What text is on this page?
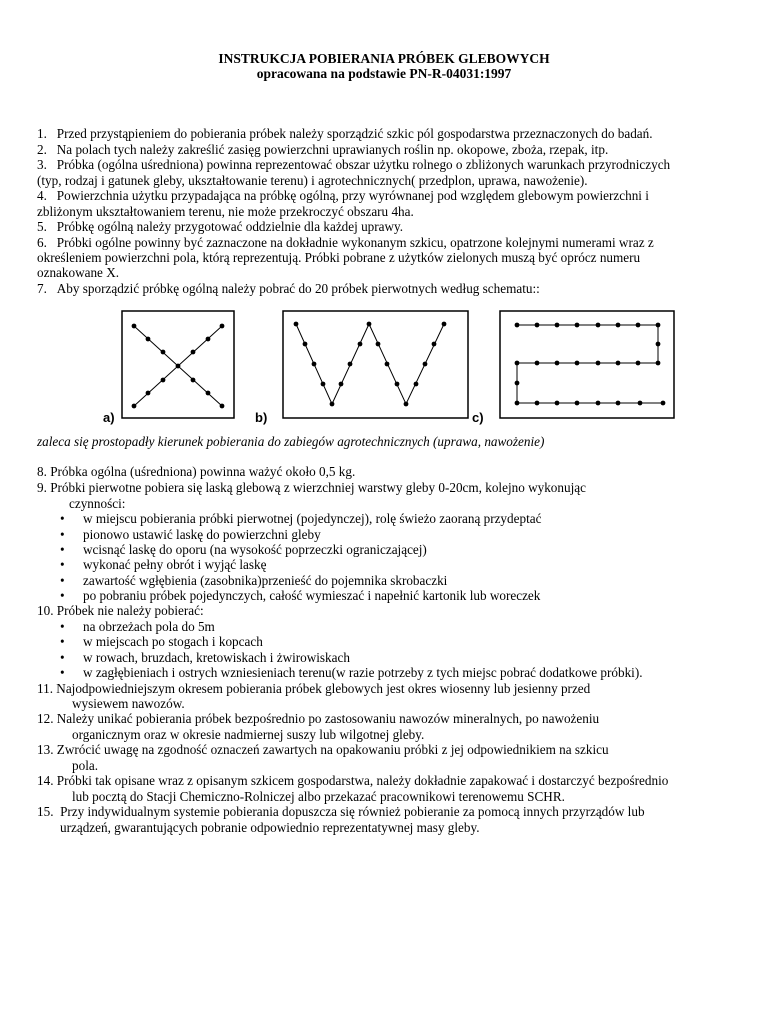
INSTRUKCJA POBIERANIA PRÓBEK GLEBOWYCH
opracowana na podstawie PN-R-04031:1997
1.   Przed przystąpieniem do pobierania próbek należy sporządzić szkic pól gospodarstwa przeznaczonych do badań.
2.   Na polach tych należy zakreślić zasięg powierzchni uprawianych roślin np. okopowe, zboża, rzepak, itp.
3.   Próbka (ogólna uśredniona) powinna reprezentować obszar użytku rolnego o zbliżonych warunkach przyrodniczych
(typ, rodzaj i gatunek gleby, ukształtowanie terenu) i agrotechnicznych( przedplon, uprawa, nawożenie).
4.   Powierzchnia użytku przypadająca na próbkę ogólną, przy wyrównanej pod względem glebowym powierzchni i
zbliżonym ukształtowaniem terenu, nie może przekroczyć obszaru 4ha.
5.   Próbkę ogólną należy przygotować oddzielnie dla każdej uprawy.
6.   Próbki ogólne powinny być zaznaczone na dokładnie wykonanym szkicu, opatrzone kolejnymi numerami wraz z
określeniem powierzchni pola, którą reprezentują. Próbki pobrane z użytków zielonych muszą być oprócz numeru
oznakowane X.
7.   Aby sporządzić próbkę ogólną należy pobrać do 20 próbek pierwotnych według schematu::
a)	b)	c)
zaleca się prostopadły kierunek pobierania do zabiegów agrotechnicznych (uprawa, nawożenie)
8. Próbka ogólna (uśredniona) powinna ważyć około 0,5 kg.
9. Próbki pierwotne pobiera się laską glebową z wierzchniej warstwy gleby 0-20cm, kolejno wykonując
czynności:
• w miejscu pobierania próbki pierwotnej (pojedynczej), rolę świeżo zaoraną przydeptać
• pionowo ustawić laskę do powierzchni gleby
• wcisnąć laskę do oporu (na wysokość poprzeczki ograniczającej)
• wykonać pełny obrót i wyjąć laskę
• zawartość wgłębienia (zasobnika)przenieść do pojemnika skrobaczki
• po pobraniu próbek pojedynczych, całość wymieszać i napełnić kartonik lub woreczek
10. Próbek nie należy pobierać:
• na obrzeżach pola do 5m
• w miejscach po stogach i kopcach
• w rowach, bruzdach, kretowiskach i żwirowiskach
• w zagłębieniach i ostrych wzniesieniach terenu(w razie potrzeby z tych miejsc pobrać dodatkowe próbki).
11. Najodpowiedniejszym okresem pobierania próbek glebowych jest okres wiosenny lub jesienny przed
wysiewem nawozów.
12. Należy unikać pobierania próbek bezpośrednio po zastosowaniu nawozów mineralnych, po nawożeniu
organicznym oraz w okresie nadmiernej suszy lub wilgotnej gleby.
13. Zwrócić uwagę na zgodność oznaczeń zawartych na opakowaniu próbki z jej odpowiednikiem na szkicu
pola.
14. Próbki tak opisane wraz z opisanym szkicem gospodarstwa, należy dokładnie zapakować i dostarczyć bezpośrednio
lub pocztą do Stacji Chemiczno-Rolniczej albo przekazać pracownikowi terenowemu SCHR.
15.  Przy indywidualnym systemie pobierania dopuszcza się również pobieranie za pomocą innych przyrządów lub
urządzeń, gwarantujących pobranie odpowiednio reprezentatywnej masy gleby.
